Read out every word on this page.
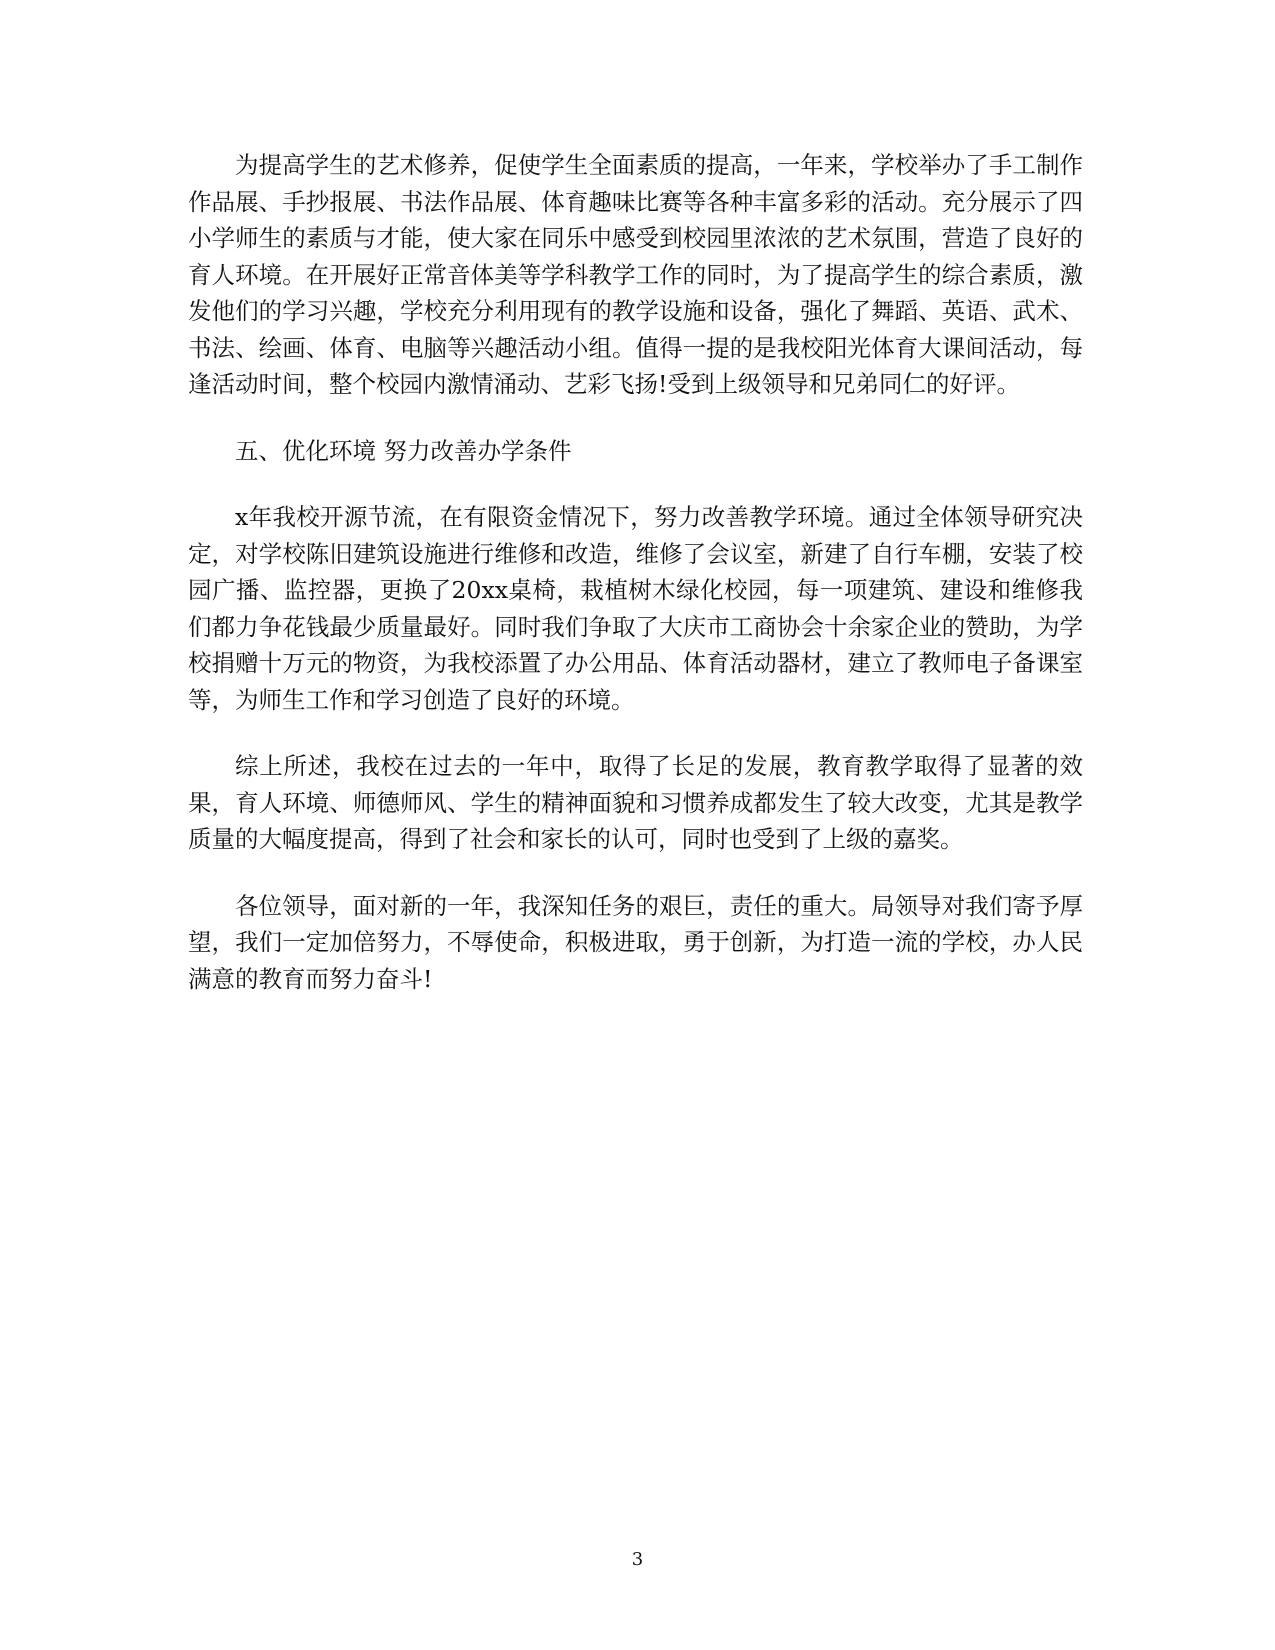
为提高学生的艺术修养，促使学生全面素质的提高，一年来，学校举办了手工制作作品展、手抄报展、书法作品展、体育趣味比赛等各种丰富多彩的活动。充分展示了四小学师生的素质与才能，使大家在同乐中感受到校园里浓浓的艺术氛围，营造了良好的育人环境。在开展好正常音体美等学科教学工作的同时，为了提高学生的综合素质，激发他们的学习兴趣，学校充分利用现有的教学设施和设备，强化了舞蹈、英语、武术、书法、绘画、体育、电脑等兴趣活动小组。值得一提的是我校阳光体育大课间活动，每逢活动时间，整个校园内激情涌动、艺彩飞扬!受到上级领导和兄弟同仁的好评。

五、优化环境 努力改善办学条件

x年我校开源节流，在有限资金情况下，努力改善教学环境。通过全体领导研究决定，对学校陈旧建筑设施进行维修和改造，维修了会议室，新建了自行车棚，安装了校园广播、监控器，更换了20xx桌椅，栽植树木绿化校园，每一项建筑、建设和维修我们都力争花钱最少质量最好。同时我们争取了大庆市工商协会十余家企业的赞助，为学校捐赠十万元的物资，为我校添置了办公用品、体育活动器材，建立了教师电子备课室等，为师生工作和学习创造了良好的环境。

综上所述，我校在过去的一年中，取得了长足的发展，教育教学取得了显著的效果，育人环境、师德师风、学生的精神面貌和习惯养成都发生了较大改变，尤其是教学质量的大幅度提高，得到了社会和家长的认可，同时也受到了上级的嘉奖。

各位领导，面对新的一年，我深知任务的艰巨，责任的重大。局领导对我们寄予厚望，我们一定加倍努力，不辱使命，积极进取，勇于创新，为打造一流的学校，办人民满意的教育而努力奋斗!

3
